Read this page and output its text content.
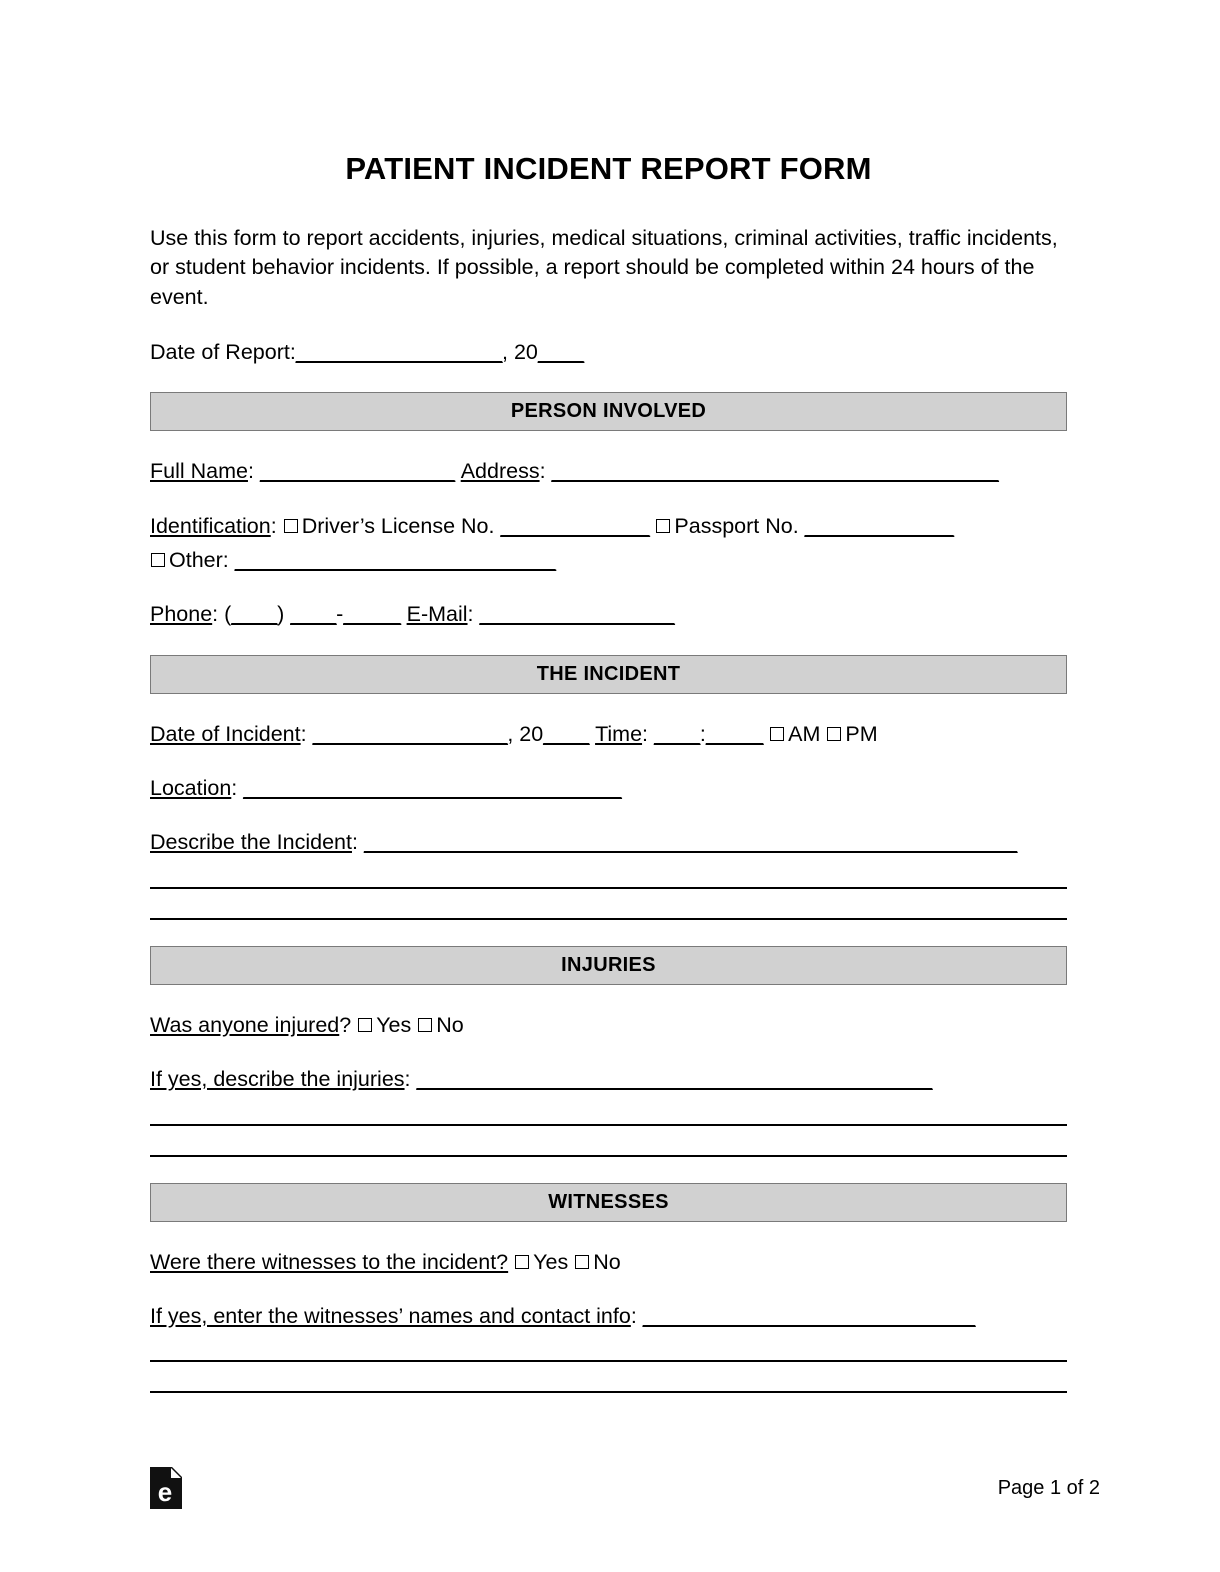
PATIENT INCIDENT REPORT FORM

Use this form to report accidents, injuries, medical situations, criminal activities, traffic incidents, or student behavior incidents. If possible, a report should be completed within 24 hours of the event.

Date of Report:__________________, 20____

PERSON INVOLVED

Full Name: _________________ Address: _______________________________________

Identification: Driver’s License No. _____________ Passport No. _____________

Other: ____________________________

Phone: (____) ____-_____ E-Mail: _________________

THE INCIDENT

Date of Incident: _________________, 20____ Time: ____:_____ AM PM

Location: _________________________________

Describe the Incident: _________________________________________________________

INJURIES

Was anyone injured? Yes No

If yes, describe the injuries: _____________________________________________

WITNESSES

Were there witnesses to the incident? Yes No

If yes, enter the witnesses’ names and contact info: _____________________________

e	Page 1 of 2
